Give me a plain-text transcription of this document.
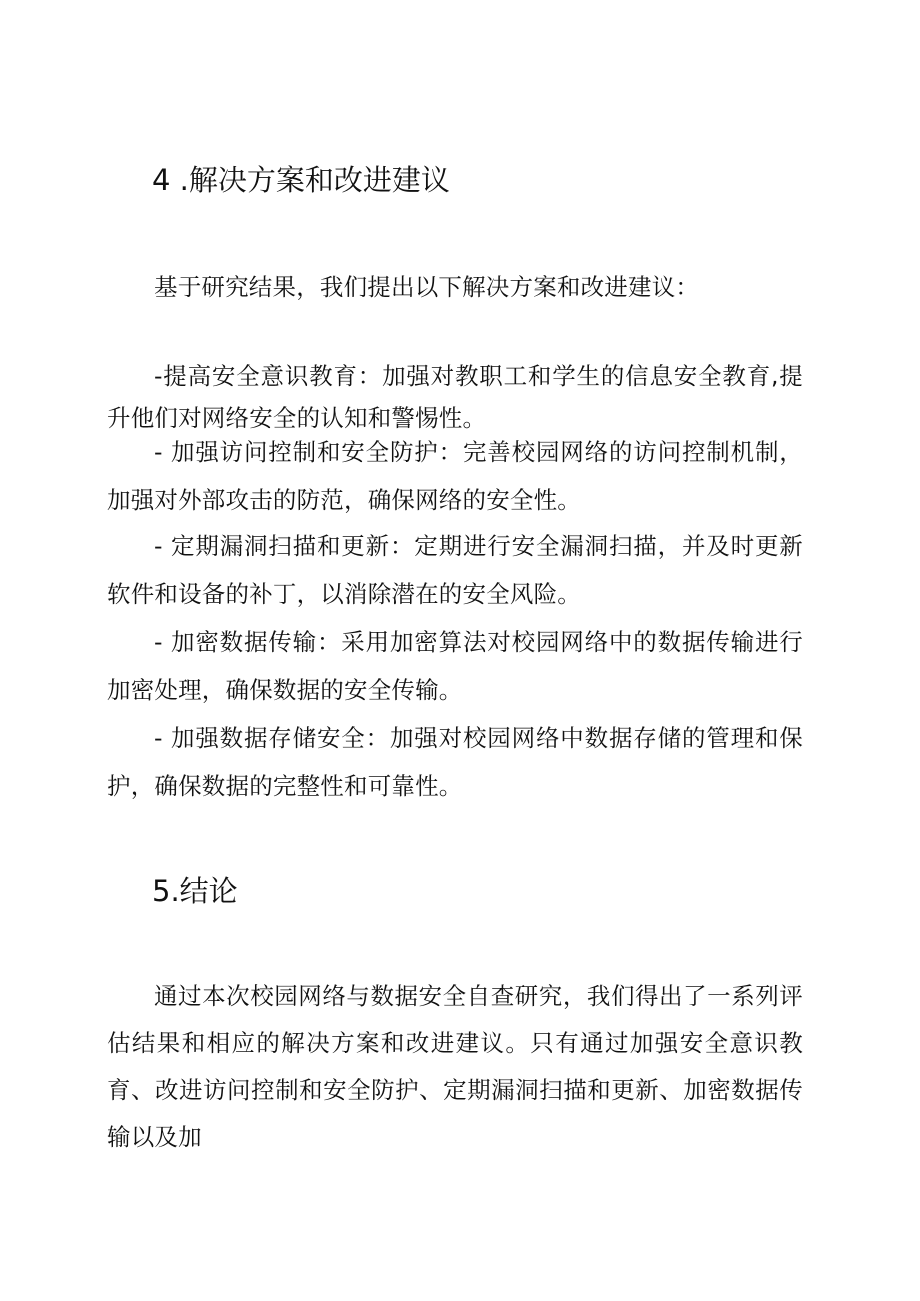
4 .解决方案和改进建议

基于研究结果，我们提出以下解决方案和改进建议：

-提高安全意识教育：加强对教职工和学生的信息安全教育,提升他们对网络安全的认知和警惕性。

- 加强访问控制和安全防护：完善校园网络的访问控制机制，加强对外部攻击的防范，确保网络的安全性。

- 定期漏洞扫描和更新：定期进行安全漏洞扫描，并及时更新软件和设备的补丁，以消除潜在的安全风险。

- 加密数据传输：采用加密算法对校园网络中的数据传输进行加密处理，确保数据的安全传输。

- 加强数据存储安全：加强对校园网络中数据存储的管理和保护，确保数据的完整性和可靠性。

5.结论

通过本次校园网络与数据安全自查研究，我们得出了一系列评估结果和相应的解决方案和改进建议。只有通过加强安全意识教育、改进访问控制和安全防护、定期漏洞扫描和更新、加密数据传输以及加
